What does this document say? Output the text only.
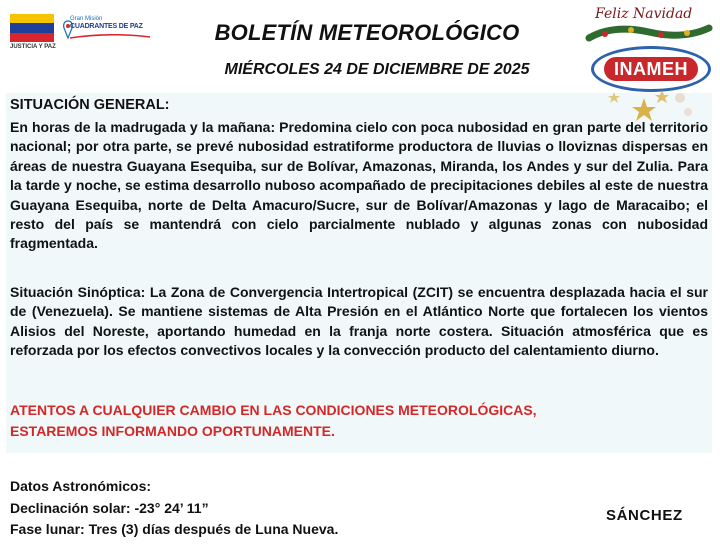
JUSTICIA Y PAZ
Gran Misión
CUADRANTES DE PAZ	BOLETÍN METEOROLÓGICO
MIÉRCOLES 24 DE DICIEMBRE DE 2025
Feliz Navidad
INAMEH
SITUACIÓN GENERAL:
En horas de la madrugada y la mañana: Predomina cielo con poca nubosidad en gran parte del territorio nacional; por otra parte, se prevé nubosidad estratiforme productora de lluvias o lloviznas dispersas en áreas de nuestra Guayana Esequiba, sur de Bolívar, Amazonas, Miranda, los Andes y sur del Zulia. Para la tarde y noche, se estima desarrollo nuboso acompañado de precipitaciones debiles al este de nuestra Guayana Esequiba, norte de Delta Amacuro/Sucre, sur de Bolívar/Amazonas y lago de Maracaibo; el resto del país se mantendrá con cielo parcialmente nublado y algunas zonas con nubosidad fragmentada.
Situación Sinóptica: La Zona de Convergencia Intertropical (ZCIT) se encuentra desplazada hacia el sur de (Venezuela). Se mantiene sistemas de Alta Presión en el Atlántico Norte que fortalecen los vientos Alisios del Noreste, aportando humedad en la franja norte costera. Situación atmosférica que es reforzada por los efectos convectivos locales y la convección producto del calentamiento diurno.
ATENTOS A CUALQUIER CAMBIO EN LAS CONDICIONES METEOROLÓGICAS,
ESTAREMOS INFORMANDO OPORTUNAMENTE.
Datos Astronómicos:
Declinación solar: -23° 24’ 11”
Fase lunar: Tres (3) días después de Luna Nueva.
SÁNCHEZ
